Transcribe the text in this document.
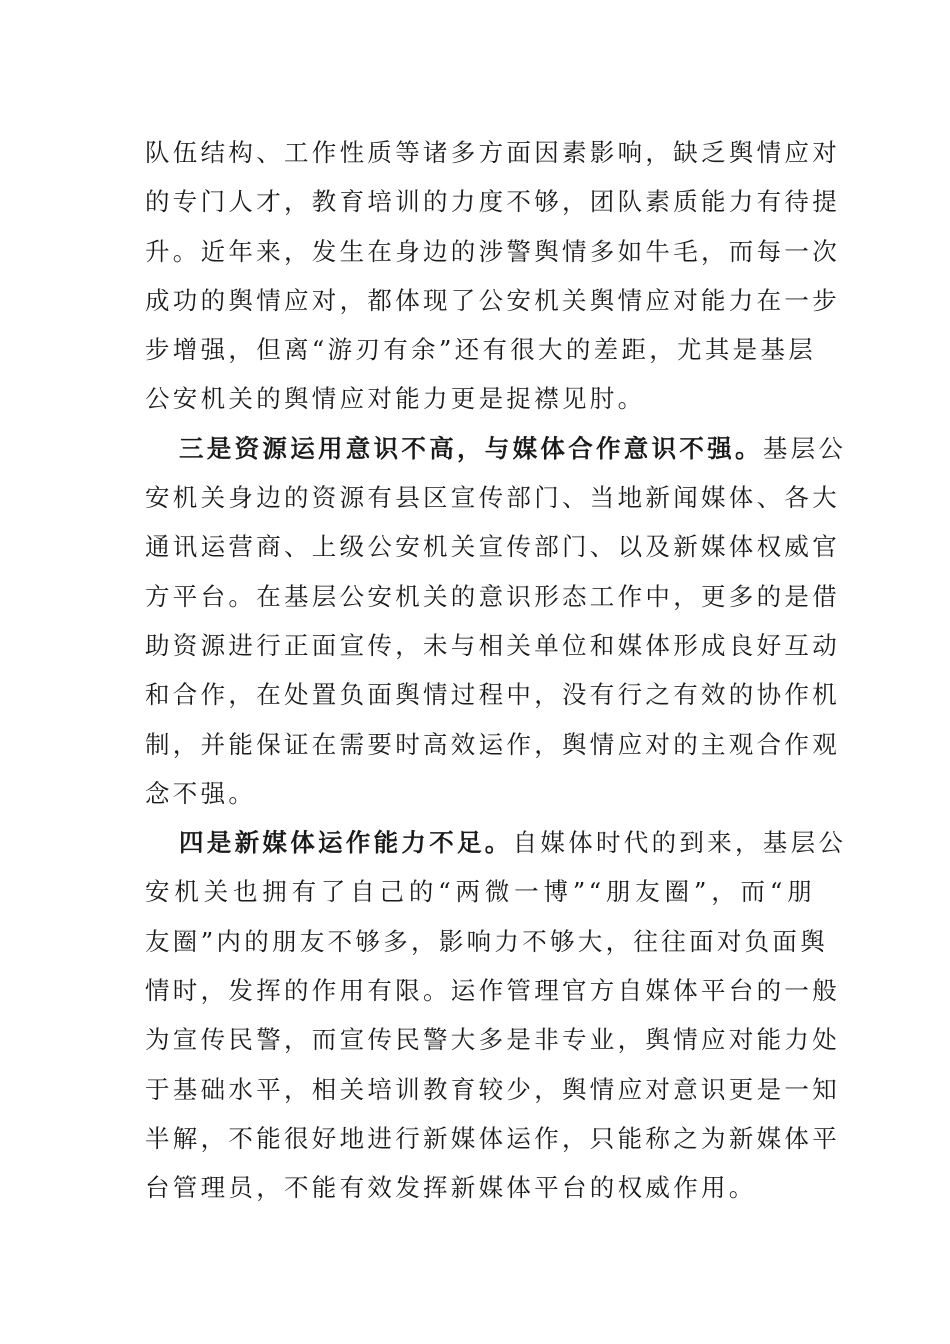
队伍结构、工作性质等诸多方面因素影响，缺乏舆情应对
的专门人才，教育培训的力度不够，团队素质能力有待提
升。近年来，发生在身边的涉警舆情多如牛毛，而每一次
成功的舆情应对，都体现了公安机关舆情应对能力在一步
步增强，但离“游刃有余”还有很大的差距，尤其是基层
公安机关的舆情应对能力更是捉襟见肘。
三是资源运用意识不高，与媒体合作意识不强。基层公
安机关身边的资源有县区宣传部门、当地新闻媒体、各大
通讯运营商、上级公安机关宣传部门、以及新媒体权威官
方平台。在基层公安机关的意识形态工作中，更多的是借
助资源进行正面宣传，未与相关单位和媒体形成良好互动
和合作，在处置负面舆情过程中，没有行之有效的协作机
制，并能保证在需要时高效运作，舆情应对的主观合作观
念不强。
四是新媒体运作能力不足。自媒体时代的到来，基层公
安机关也拥有了自己的“两微一博”“朋友圈”，而“朋
友圈”内的朋友不够多，影响力不够大，往往面对负面舆
情时，发挥的作用有限。运作管理官方自媒体平台的一般
为宣传民警，而宣传民警大多是非专业，舆情应对能力处
于基础水平，相关培训教育较少，舆情应对意识更是一知
半解，不能很好地进行新媒体运作，只能称之为新媒体平
台管理员，不能有效发挥新媒体平台的权威作用。
